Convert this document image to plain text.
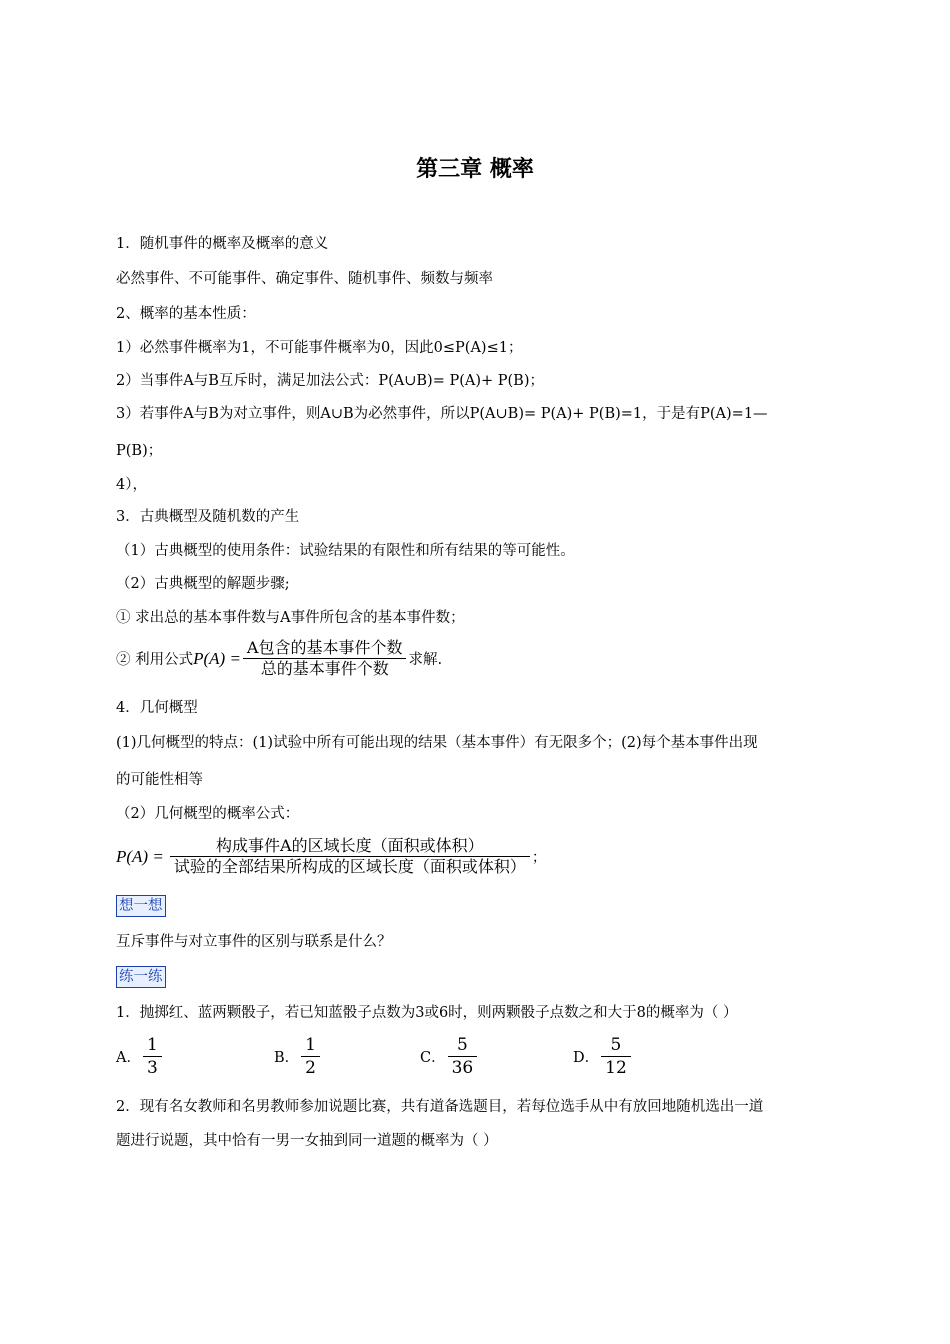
第三章 概率
1．随机事件的概率及概率的意义
必然事件、不可能事件、确定事件、随机事件、频数与频率
2、概率的基本性质：
1）必然事件概率为1，不可能事件概率为0，因此0≤P(A)≤1；
2）当事件A与B互斥时，满足加法公式：P(A∪B)= P(A)+ P(B)；
3）若事件A与B为对立事件，则A∪B为必然事件，所以P(A∪B)= P(A)+ P(B)=1，于是有P(A)=1—
P(B)；
4），
3．古典概型及随机数的产生
（1）古典概型的使用条件：试验结果的有限性和所有结果的等可能性。
（2）古典概型的解题步骤;
① 求出总的基本事件数与A事件所包含的基本事件数；
② 利用公式 $P(A) = \frac{\text{A包含的基本事件个数}}{\text{总的基本事件个数}}$ 求解.
4．几何概型
(1)几何概型的特点：(1)试验中所有可能出现的结果（基本事件）有无限多个；(2)每个基本事件出现
的可能性相等
（2）几何概型的概率公式：
$P(A) = \frac{\text{构成事件A的区域长度（面积或体积）}}{\text{试验的全部结果所构成的区域长度（面积或体积）}}$ ；
想一想
互斥事件与对立事件的区别与联系是什么？
练一练
1．抛掷红、蓝两颗骰子，若已知蓝骰子点数为3或6时，则两颗骰子点数之和大于8的概率为（ ）
A． $\frac{1}{3}$	B． $\frac{1}{2}$	C． $\frac{5}{36}$	D． $\frac{5}{12}$
2．现有名女教师和名男教师参加说题比赛，共有道备选题目，若每位选手从中有放回地随机选出一道
题进行说题，其中恰有一男一女抽到同一道题的概率为（ ）
